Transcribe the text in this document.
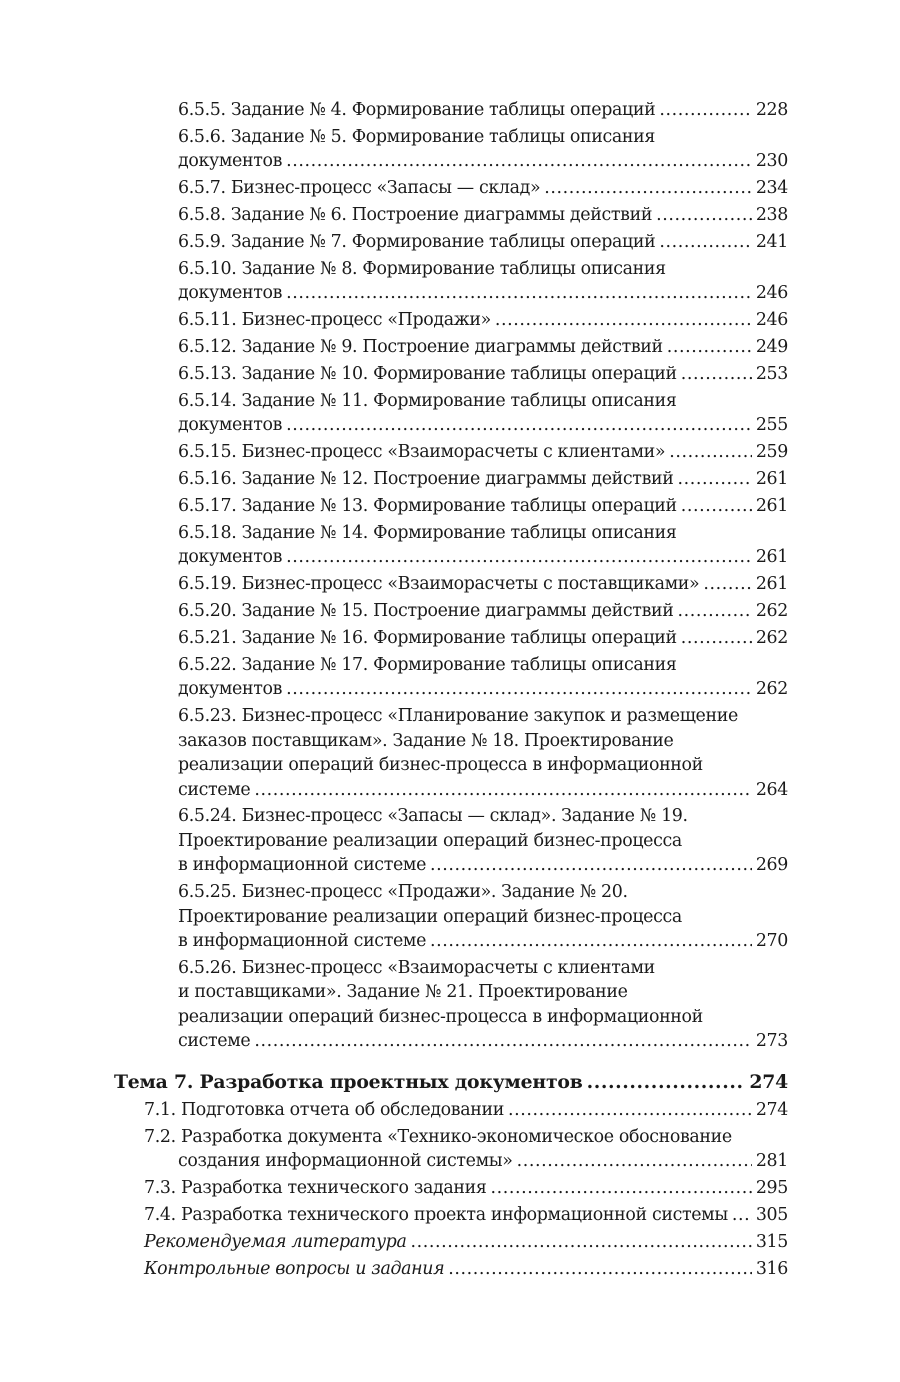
6.5.5. Задание № 4. Формирование таблицы операций .....	228
6.5.6. Задание № 5. Формирование таблицы описания
документов .....	230
6.5.7. Бизнес-процесс «Запасы — склад» .....	234
6.5.8. Задание № 6. Построение диаграммы действий .....	238
6.5.9. Задание № 7. Формирование таблицы операций .....	241
6.5.10. Задание № 8. Формирование таблицы описания
документов .....	246
6.5.11. Бизнес-процесс «Продажи» .....	246
6.5.12. Задание № 9. Построение диаграммы действий .....	249
6.5.13. Задание № 10. Формирование таблицы операций .....	253
6.5.14. Задание № 11. Формирование таблицы описания
документов .....	255
6.5.15. Бизнес-процесс «Взаиморасчеты с клиентами» .....	259
6.5.16. Задание № 12. Построение диаграммы действий .....	261
6.5.17. Задание № 13. Формирование таблицы операций .....	261
6.5.18. Задание № 14. Формирование таблицы описания
документов .....	261
6.5.19. Бизнес-процесс «Взаиморасчеты с поставщиками» .....	261
6.5.20. Задание № 15. Построение диаграммы действий .....	262
6.5.21. Задание № 16. Формирование таблицы операций .....	262
6.5.22. Задание № 17. Формирование таблицы описания
документов .....	262
6.5.23. Бизнес-процесс «Планирование закупок и размещение
заказов поставщикам». Задание № 18. Проектирование
реализации операций бизнес-процесса в информационной
системе .....	264
6.5.24. Бизнес-процесс «Запасы — склад». Задание № 19.
Проектирование реализации операций бизнес-процесса
в информационной системе .....	269
6.5.25. Бизнес-процесс «Продажи». Задание № 20.
Проектирование реализации операций бизнес-процесса
в информационной системе .....	270
6.5.26. Бизнес-процесс «Взаиморасчеты с клиентами
и поставщиками». Задание № 21. Проектирование
реализации операций бизнес-процесса в информационной
системе .....	273
Тема 7. Разработка проектных документов .....	274
7.1. Подготовка отчета об обследовании .....	274
7.2. Разработка документа «Технико-экономическое обоснование
создания информационной системы» .....	281
7.3. Разработка технического задания .....	295
7.4. Разработка технического проекта информационной системы ..... 305
Рекомендуемая литература .....	315
Контрольные вопросы и задания .....	316
